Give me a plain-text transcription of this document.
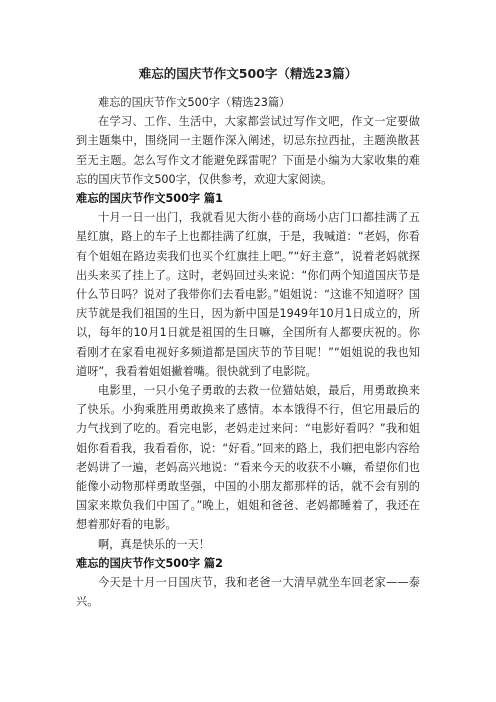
难忘的国庆节作文500字（精选23篇）

难忘的国庆节作文500字（精选23篇）

在学习、工作、生活中，大家都尝试过写作文吧，作文一定要做到主题集中，围绕同一主题作深入阐述，切忌东拉西扯，主题涣散甚至无主题。怎么写作文才能避免踩雷呢？下面是小编为大家收集的难忘的国庆节作文500字，仅供参考，欢迎大家阅读。

难忘的国庆节作文500字 篇1

十月一日一出门，我就看见大街小巷的商场小店门口都挂满了五星红旗，路上的车子上也都挂满了红旗，于是，我喊道：“老妈，你看有个姐姐在路边卖我们也买个红旗挂上吧。”“好主意”，说着老妈就探出头来买了挂上了。这时，老妈回过头来说：“你们两个知道国庆节是什么节日吗？说对了我带你们去看电影。”姐姐说：“这谁不知道呀？国庆节就是我们祖国的生日，因为新中国是1949年10月1日成立的，所以，每年的10月1日就是祖国的生日嘛，全国所有人都要庆祝的。你看刚才在家看电视好多频道都是国庆节的节目呢！”“姐姐说的我也知道呀”，我看着姐姐撇着嘴。很快就到了电影院。

电影里，一只小兔子勇敢的去救一位猫姑娘，最后，用勇敢换来了快乐。小狗乘胜用勇敢换来了感情。本本饿得不行，但它用最后的力气找到了吃的。看完电影，老妈走过来问：“电影好看吗？”我和姐姐你看看我，我看看你，说：“好看。”回来的路上，我们把电影内容给老妈讲了一遍，老妈高兴地说：“看来今天的收获不小嘛，希望你们也能像小动物那样勇敢坚强，中国的小朋友都那样的话，就不会有别的国家来欺负我们中国了。”晚上，姐姐和爸爸、老妈都睡着了，我还在想着那好看的电影。

啊，真是快乐的一天！

难忘的国庆节作文500字 篇2

今天是十月一日国庆节，我和老爸一大清早就坐车回老家——泰兴。
